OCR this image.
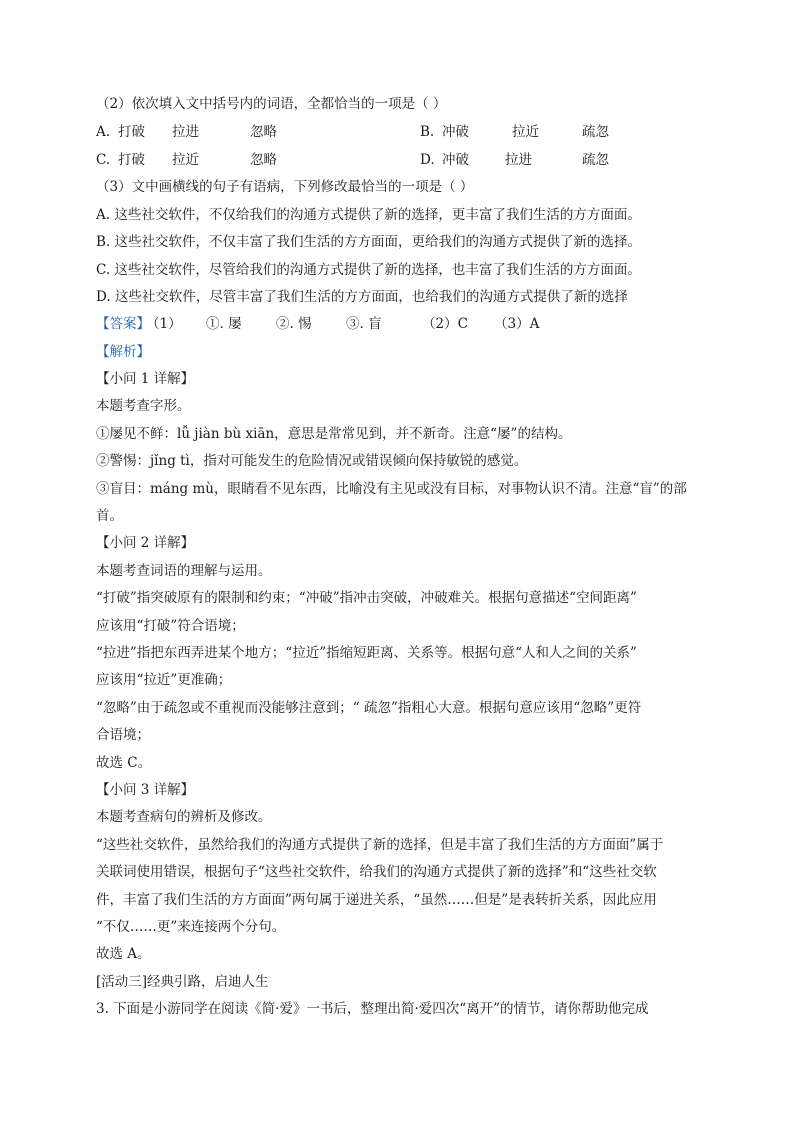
（2）依次填入文中括号内的词语，全都恰当的一项是（ ）
A. 打破 拉进	忽略	B. 冲破	拉近	疏忽
C. 打破 拉近	忽略	D. 冲破	拉进	疏忽
（3）文中画横线的句子有语病，下列修改最恰当的一项是（ ）
A. 这些社交软件，不仅给我们的沟通方式提供了新的选择，更丰富了我们生活的方方面面。
B. 这些社交软件，不仅丰富了我们生活的方方面面，更给我们的沟通方式提供了新的选择。
C. 这些社交软件，尽管给我们的沟通方式提供了新的选择，也丰富了我们生活的方方面面。
D. 这些社交软件，尽管丰富了我们生活的方方面面，也给我们的沟通方式提供了新的选择
【答案】
（1） ①. 屡	②. 惕	③. 盲	（2）C （3）A
【解析】
【小问 1 详解】
本题考查字形。
①屡见不鲜：lǚ jiàn bù xiān，意思是常常见到，并不新奇。注意“屡”的结构。
②警惕：jǐng tì，指对可能发生的危险情况或错误倾向保持敏锐的感觉。
③盲目：máng mù，眼睛看不见东西，比喻没有主见或没有目标，对事物认识不清。注意“盲”的部
首。
【小问 2 详解】
本题考查词语的理解与运用。
“打破”指突破原有的限制和约束；“冲破”指冲击突破，冲破难关。根据句意描述“空间距离”
应该用“打破”符合语境；
“拉进”指把东西弄进某个地方；“拉近”指缩短距离、关系等。根据句意“人和人之间的关系”
应该用“拉近”更准确；
“忽略”由于疏忽或不重视而没能够注意到；“ 疏忽”指粗心大意。根据句意应该用“忽略”更符
合语境；
故选 C。
【小问 3 详解】
本题考查病句的辨析及修改。
“这些社交软件，虽然给我们的沟通方式提供了新的选择，但是丰富了我们生活的方方面面”属于
关联词使用错误，根据句子“这些社交软件，给我们的沟通方式提供了新的选择”和“这些社交软
件，丰富了我们生活的方方面面”两句属于递进关系，“虽然……但是”是表转折关系，因此应用
“不仅……更”来连接两个分句。
故选 A。
[活动三]经典引路，启迪人生
3. 下面是小游同学在阅读《简·爱》一书后，整理出简·爱四次“离开”的情节，请你帮助他完成
